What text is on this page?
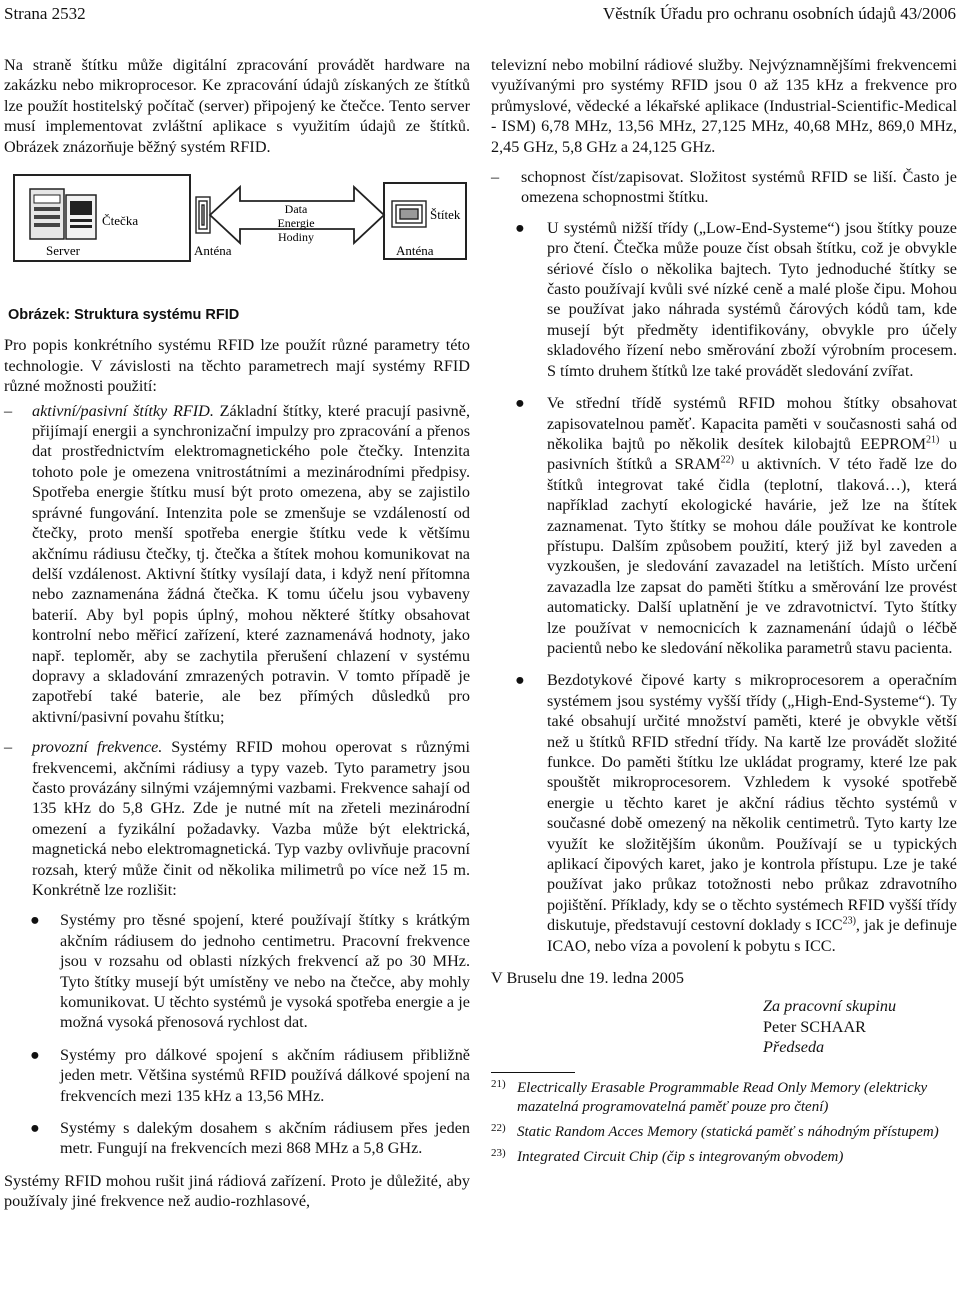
Strana 2532	Věstník Úřadu pro ochranu osobních údajů 43/2006

Na straně štítku může digitální zpracování provádět hardware na zakázku nebo mikroprocesor. Ke zpracování údajů získaných ze štítků lze použít hostitelský počítač (server) připojený ke čtečce. Tento server musí implementovat zvláštní aplikace s využitím údajů ze štítků. Obrázek znázorňuje běžný systém RFID.

Čtečka
Server	Anténa
Data
Energie
Hodiny
Anténa
Štítek
Obrázek: Struktura systému RFID

Pro popis konkrétního systému RFID lze použít různé parametry této technologie. V závislosti na těchto parametrech mají systémy RFID různé možnosti použití:

– aktivní/pasivní štítky RFID. Základní štítky, které pracují pasivně, přijímají energii a synchronizační impulzy pro zpracování a přenos dat prostřednictvím elektromagnetického pole čtečky. Intenzita tohoto pole je omezena vnitrostátními a mezinárodními předpisy. Spotřeba energie štítku musí být proto omezena, aby se zajistilo správné fungování. Intenzita pole se zmenšuje se vzdáleností od čtečky, proto menší spotřeba energie štítku vede k většímu akčnímu rádiusu čtečky, tj. čtečka a štítek mohou komunikovat na delší vzdálenost. Aktivní štítky vysílají data, i když není přítomna nebo zaznamenána žádná čtečka. K tomu účelu jsou vybaveny baterií. Aby byl popis úplný, mohou některé štítky obsahovat kontrolní nebo měřicí zařízení, které zaznamenává hodnoty, jako např. teploměr, aby se zachytila přerušení chlazení v systému dopravy a skladování zmrazených potravin. V tomto případě je zapotřebí také baterie, ale bez přímých důsledků pro aktivní/pasivní povahu štítku;
– provozní frekvence. Systémy RFID mohou operovat s různými frekvencemi, akčními rádiusy a typy vazeb. Tyto parametry jsou často provázány silnými vzájemnými vazbami. Frekvence sahají od 135 kHz do 5,8 GHz. Zde je nutné mít na zřeteli mezinárodní omezení a fyzikální požadavky. Vazba může být elektrická, magnetická nebo elektromagnetická. Typ vazby ovlivňuje pracovní rozsah, který může činit od několika milimetrů po více než 15 m. Konkrétně lze rozlišit:
● Systémy pro těsné spojení, které používají štítky s krátkým akčním rádiusem do jednoho centimetru. Pracovní frekvence jsou v rozsahu od oblasti nízkých frekvencí až po 30 MHz. Tyto štítky musejí být umístěny ve nebo na čtečce, aby mohly komunikovat. U těchto systémů je vysoká spotřeba energie a je možná vysoká přenosová rychlost dat.
● Systémy pro dálkové spojení s akčním rádiusem přibližně jeden metr. Většina systémů RFID používá dálkové spojení na frekvencích mezi 135 kHz a 13,56 MHz.
● Systémy s dalekým dosahem s akčním rádiusem přes jeden metr. Fungují na frekvencích mezi 868 MHz a 5,8 GHz.

Systémy RFID mohou rušit jiná rádiová zařízení. Proto je důležité, aby používaly jiné frekvence než audio-rozhlasové,

televizní nebo mobilní rádiové služby. Nejvýznamnějšími frekvencemi využívanými pro systémy RFID jsou 0 až 135 kHz a frekvence pro průmyslové, vědecké a lékařské aplikace (Industrial-Scientific-Medical - ISM) 6,78 MHz, 13,56 MHz, 27,125 MHz, 40,68 MHz, 869,0 MHz, 2,45 GHz, 5,8 GHz a 24,125 GHz.

– schopnost číst/zapisovat. Složitost systémů RFID se liší. Často je omezena schopnostmi štítku.
● U systémů nižší třídy („Low-End-Systeme“) jsou štítky pouze pro čtení. Čtečka může pouze číst obsah štítku, což je obvykle sériové číslo o několika bajtech. Tyto jednoduché štítky se často používají kvůli své nízké ceně a malé ploše čipu. Mohou se používat jako náhrada systémů čárových kódů tam, kde musejí být předměty identifikovány, obvykle pro účely skladového řízení nebo směrování zboží výrobním procesem. S tímto druhem štítků lze také provádět sledování zvířat.
● Ve střední třídě systémů RFID mohou štítky obsahovat zapisovatelnou paměť. Kapacita paměti v současnosti sahá od několika bajtů po několik desítek kilobajtů EEPROM$^{21)}$ u pasivních štítků a SRAM$^{22)}$ u aktivních. V této řadě lze do štítků integrovat také čidla (teplotní, tlaková…), která například zachytí ekologické havárie, jež lze na štítek zaznamenat. Tyto štítky se mohou dále používat ke kontrole přístupu. Dalším způsobem použití, který již byl zaveden a vyzkoušen, je sledování zavazadel na letištích. Místo určení zavazadla lze zapsat do paměti štítku a směrování lze provést automaticky. Další uplatnění je ve zdravotnictví. Tyto štítky lze používat v nemocnicích k zaznamenání údajů o léčbě pacientů nebo ke sledování několika parametrů stavu pacienta.
● Bezdotykové čipové karty s mikroprocesorem a operačním systémem jsou systémy vyšší třídy („High-End-Systeme“). Ty také obsahují určité množství paměti, které je obvykle větší než u štítků RFID střední třídy. Na kartě lze provádět složité funkce. Do paměti štítku lze ukládat programy, které lze pak spouštět mikroprocesorem. Vzhledem k vysoké spotřebě energie u těchto karet je akční rádius těchto systémů v současné době omezený na několik centimetrů. Tyto karty lze využít ke složitějším úkonům. Používají se u typických aplikací čipových karet, jako je kontrola přístupu. Lze je také používat jako průkaz totožnosti nebo průkaz zdravotního pojištění. Příklady, kdy se o těchto systémech RFID vyšší třídy diskutuje, představují cestovní doklady s ICC$^{23)}$, jak je definuje ICAO, nebo víza a povolení k pobytu s ICC.

V Bruselu dne 19. ledna 2005

Za pracovní skupinu
Peter SCHAAR
Předseda
21) Electrically Erasable Programmable Read Only Memory (elektricky mazatelná programovatelná paměť pouze pro čtení)
22) Static Random Acces Memory (statická paměť s náhodným přístupem)
23) Integrated Circuit Chip (čip s integrovaným obvodem)
